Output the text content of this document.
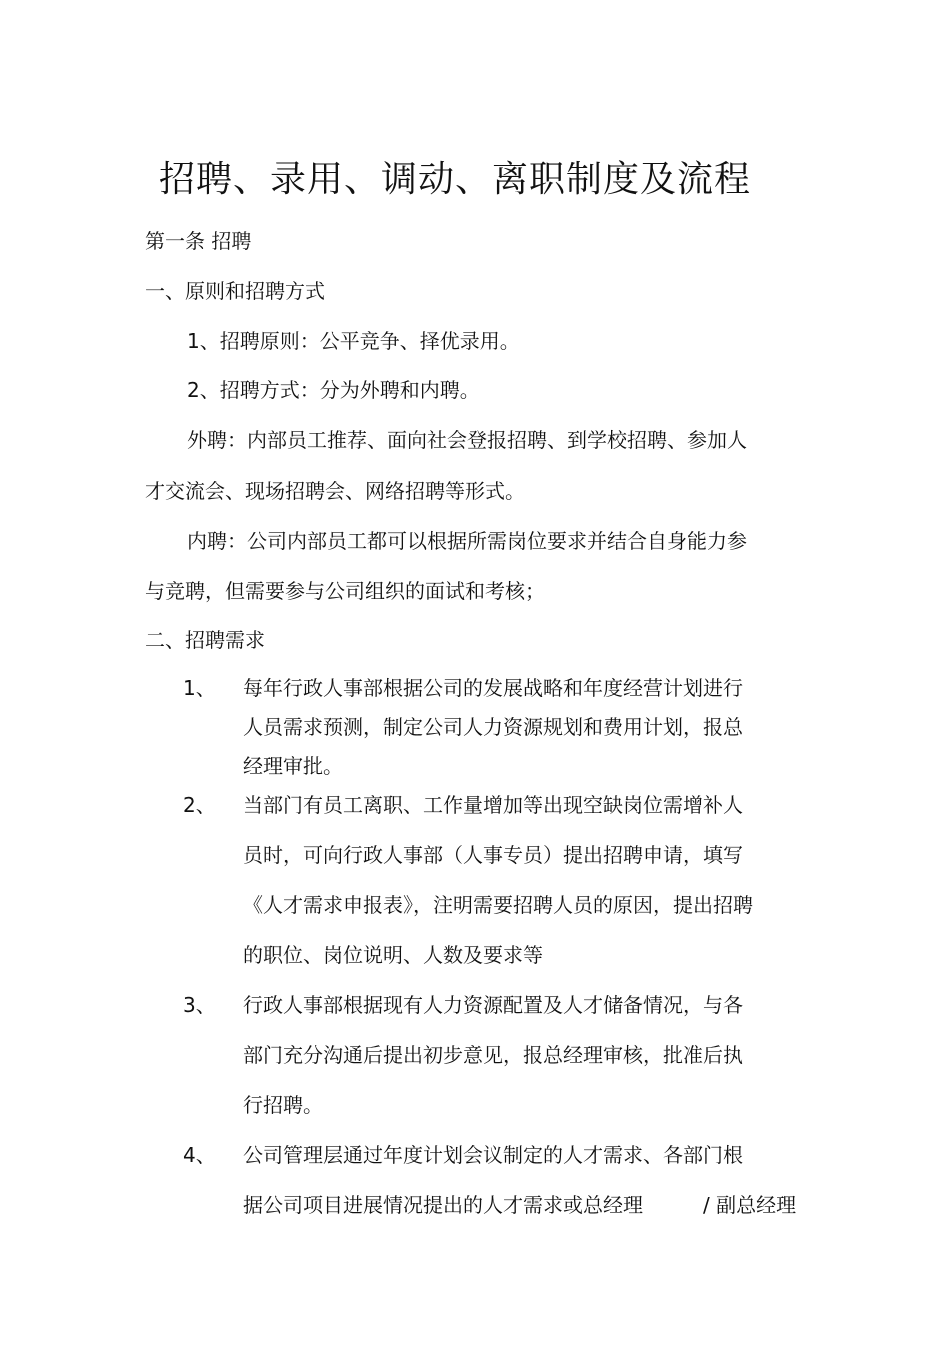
招聘、录用、调动、离职制度及流程
第一条 招聘
一、原则和招聘方式
1、招聘原则：公平竞争、择优录用。
2、招聘方式：分为外聘和内聘。
外聘：内部员工推荐、面向社会登报招聘、到学校招聘、参加人
才交流会、现场招聘会、网络招聘等形式。
内聘：公司内部员工都可以根据所需岗位要求并结合自身能力参
与竞聘，但需要参与公司组织的面试和考核；
二、招聘需求
1、 每年行政人事部根据公司的发展战略和年度经营计划进行
人员需求预测，制定公司人力资源规划和费用计划，报总
经理审批。
2、 当部门有员工离职、工作量增加等出现空缺岗位需增补人
员时，可向行政人事部（人事专员）提出招聘申请，填写
《人才需求申报表》，注明需要招聘人员的原因，提出招聘
的职位、岗位说明、人数及要求等
3、 行政人事部根据现有人力资源配置及人才储备情况，与各
部门充分沟通后提出初步意见，报总经理审核，批准后执
行招聘。
4、 公司管理层通过年度计划会议制定的人才需求、各部门根
据公司项目进展情况提出的人才需求或总经理	/ 副总经理
